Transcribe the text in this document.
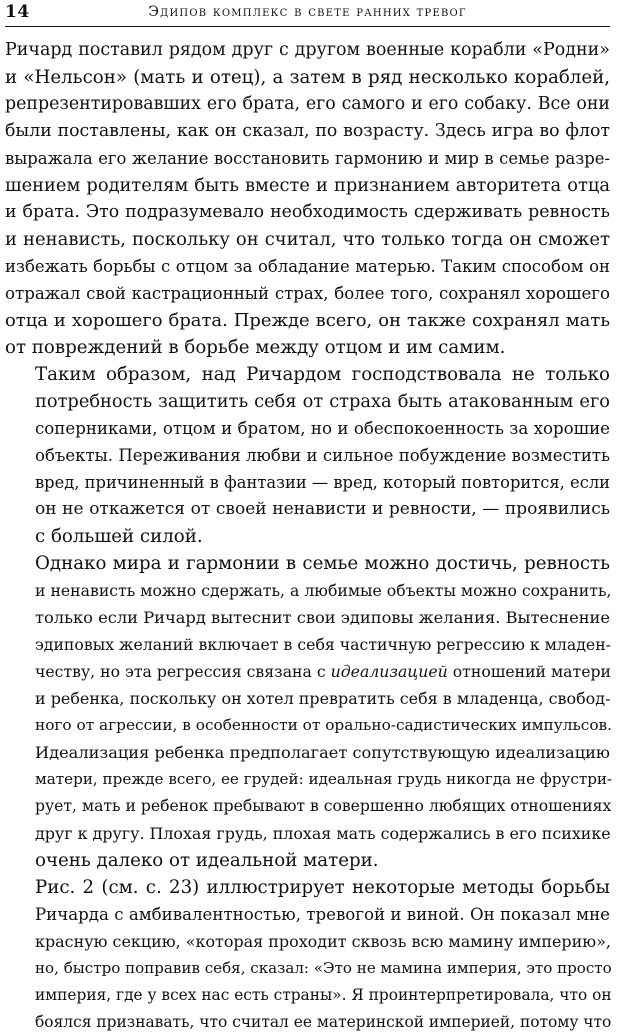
14	Эдипов комплекс в свете ранних тревог

Ричард поставил рядом друг с другом военные корабли «Родни»
и «Нельсон» (мать и отец), а затем в ряд несколько кораблей,
репрезентировавших его брата, его самого и его собаку. Все они
были поставлены, как он сказал, по возрасту. Здесь игра во флот
выражала его желание восстановить гармонию и мир в семье разре-
шением родителям быть вместе и признанием авторитета отца
и брата. Это подразумевало необходимость сдерживать ревность
и ненависть, поскольку он считал, что только тогда он сможет
избежать борьбы с отцом за обладание матерью. Таким способом он
отражал свой кастрационный страх, более того, сохранял хорошего
отца и хорошего брата. Прежде всего, он также сохранял мать
от повреждений в борьбе между отцом и им самим.

Таким образом, над Ричардом господствовала не только
потребность защитить себя от страха быть атакованным его
соперниками, отцом и братом, но и обеспокоенность за хорошие
объекты. Переживания любви и сильное побуждение возместить
вред, причиненный в фантазии — вред, который повторится, если
он не откажется от своей ненависти и ревности, — проявились
с большей силой.

Однако мира и гармонии в семье можно достичь, ревность
и ненависть можно сдержать, а любимые объекты можно сохранить,
только если Ричард вытеснит свои эдиповы желания. Вытеснение
эдиповых желаний включает в себя частичную регрессию к младен-
честву, но эта регрессия связана с идеализацией отношений матери
и ребенка, поскольку он хотел превратить себя в младенца, свобод-
ного от агрессии, в особенности от орально-садистических импульсов.
Идеализация ребенка предполагает сопутствующую идеализацию
матери, прежде всего, ее грудей: идеальная грудь никогда не фрустри-
рует, мать и ребенок пребывают в совершенно любящих отношениях
друг к другу. Плохая грудь, плохая мать содержались в его психике
очень далеко от идеальной матери.

Рис. 2 (см. с. 23) иллюстрирует некоторые методы борьбы
Ричарда с амбивалентностью, тревогой и виной. Он показал мне
красную секцию, «которая проходит сквозь всю мамину империю»,
но, быстро поправив себя, сказал: «Это не мамина империя, это просто
империя, где у всех нас есть страны». Я проинтерпретировала, что он
боялся признавать, что считал ее материнской империей, потому что
